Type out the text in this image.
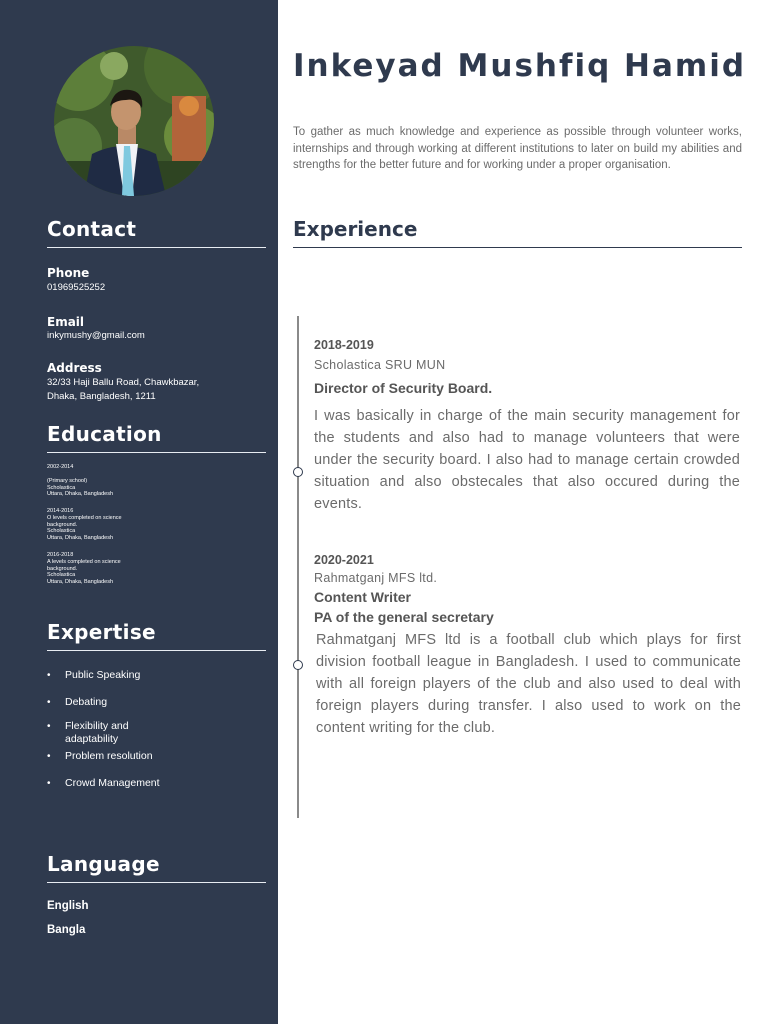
Contact
Phone
01969525252
Email
inkymushy@gmail.com
Address
32/33 Haji Ballu Road, Chawkbazar,
Dhaka, Bangladesh, 1211
Education
2002-2014
(Primary school)
Scholastica
Uttara, Dhaka, Bangladesh
2014-2016
O levels completed on science
background.
Scholastica
Uttara, Dhaka, Bangladesh
2016-2018
A levels completed on science
background.
Scholastica
Uttara, Dhaka, Bangladesh
Expertise
• Public Speaking
• Debating
• Flexibility and adaptability
• Problem resolution
• Crowd Management
Language
English
Bangla
Inkeyad Mushfiq Hamid
To gather as much knowledge and experience as possible through volunteer works, internships and through working at different institutions to later on build my abilities and strengths for the better future and for working under a proper organisation.
Experience
2018-2019
Scholastica SRU MUN
Director of Security Board.
I was basically in charge of the main security management for the students and also had to manage volunteers that were under the security board. I also had to manage certain crowded situation and also obstecales that also occured during the events.
2020-2021
Rahmatganj MFS ltd.
Content Writer
PA of the general secretary
Rahmatganj MFS ltd is a football club which plays for first division football league in Bangladesh. I used to communicate with all foreign players of the club and also used to deal with foreign players during transfer. I also used to work on the content writing for the club.
